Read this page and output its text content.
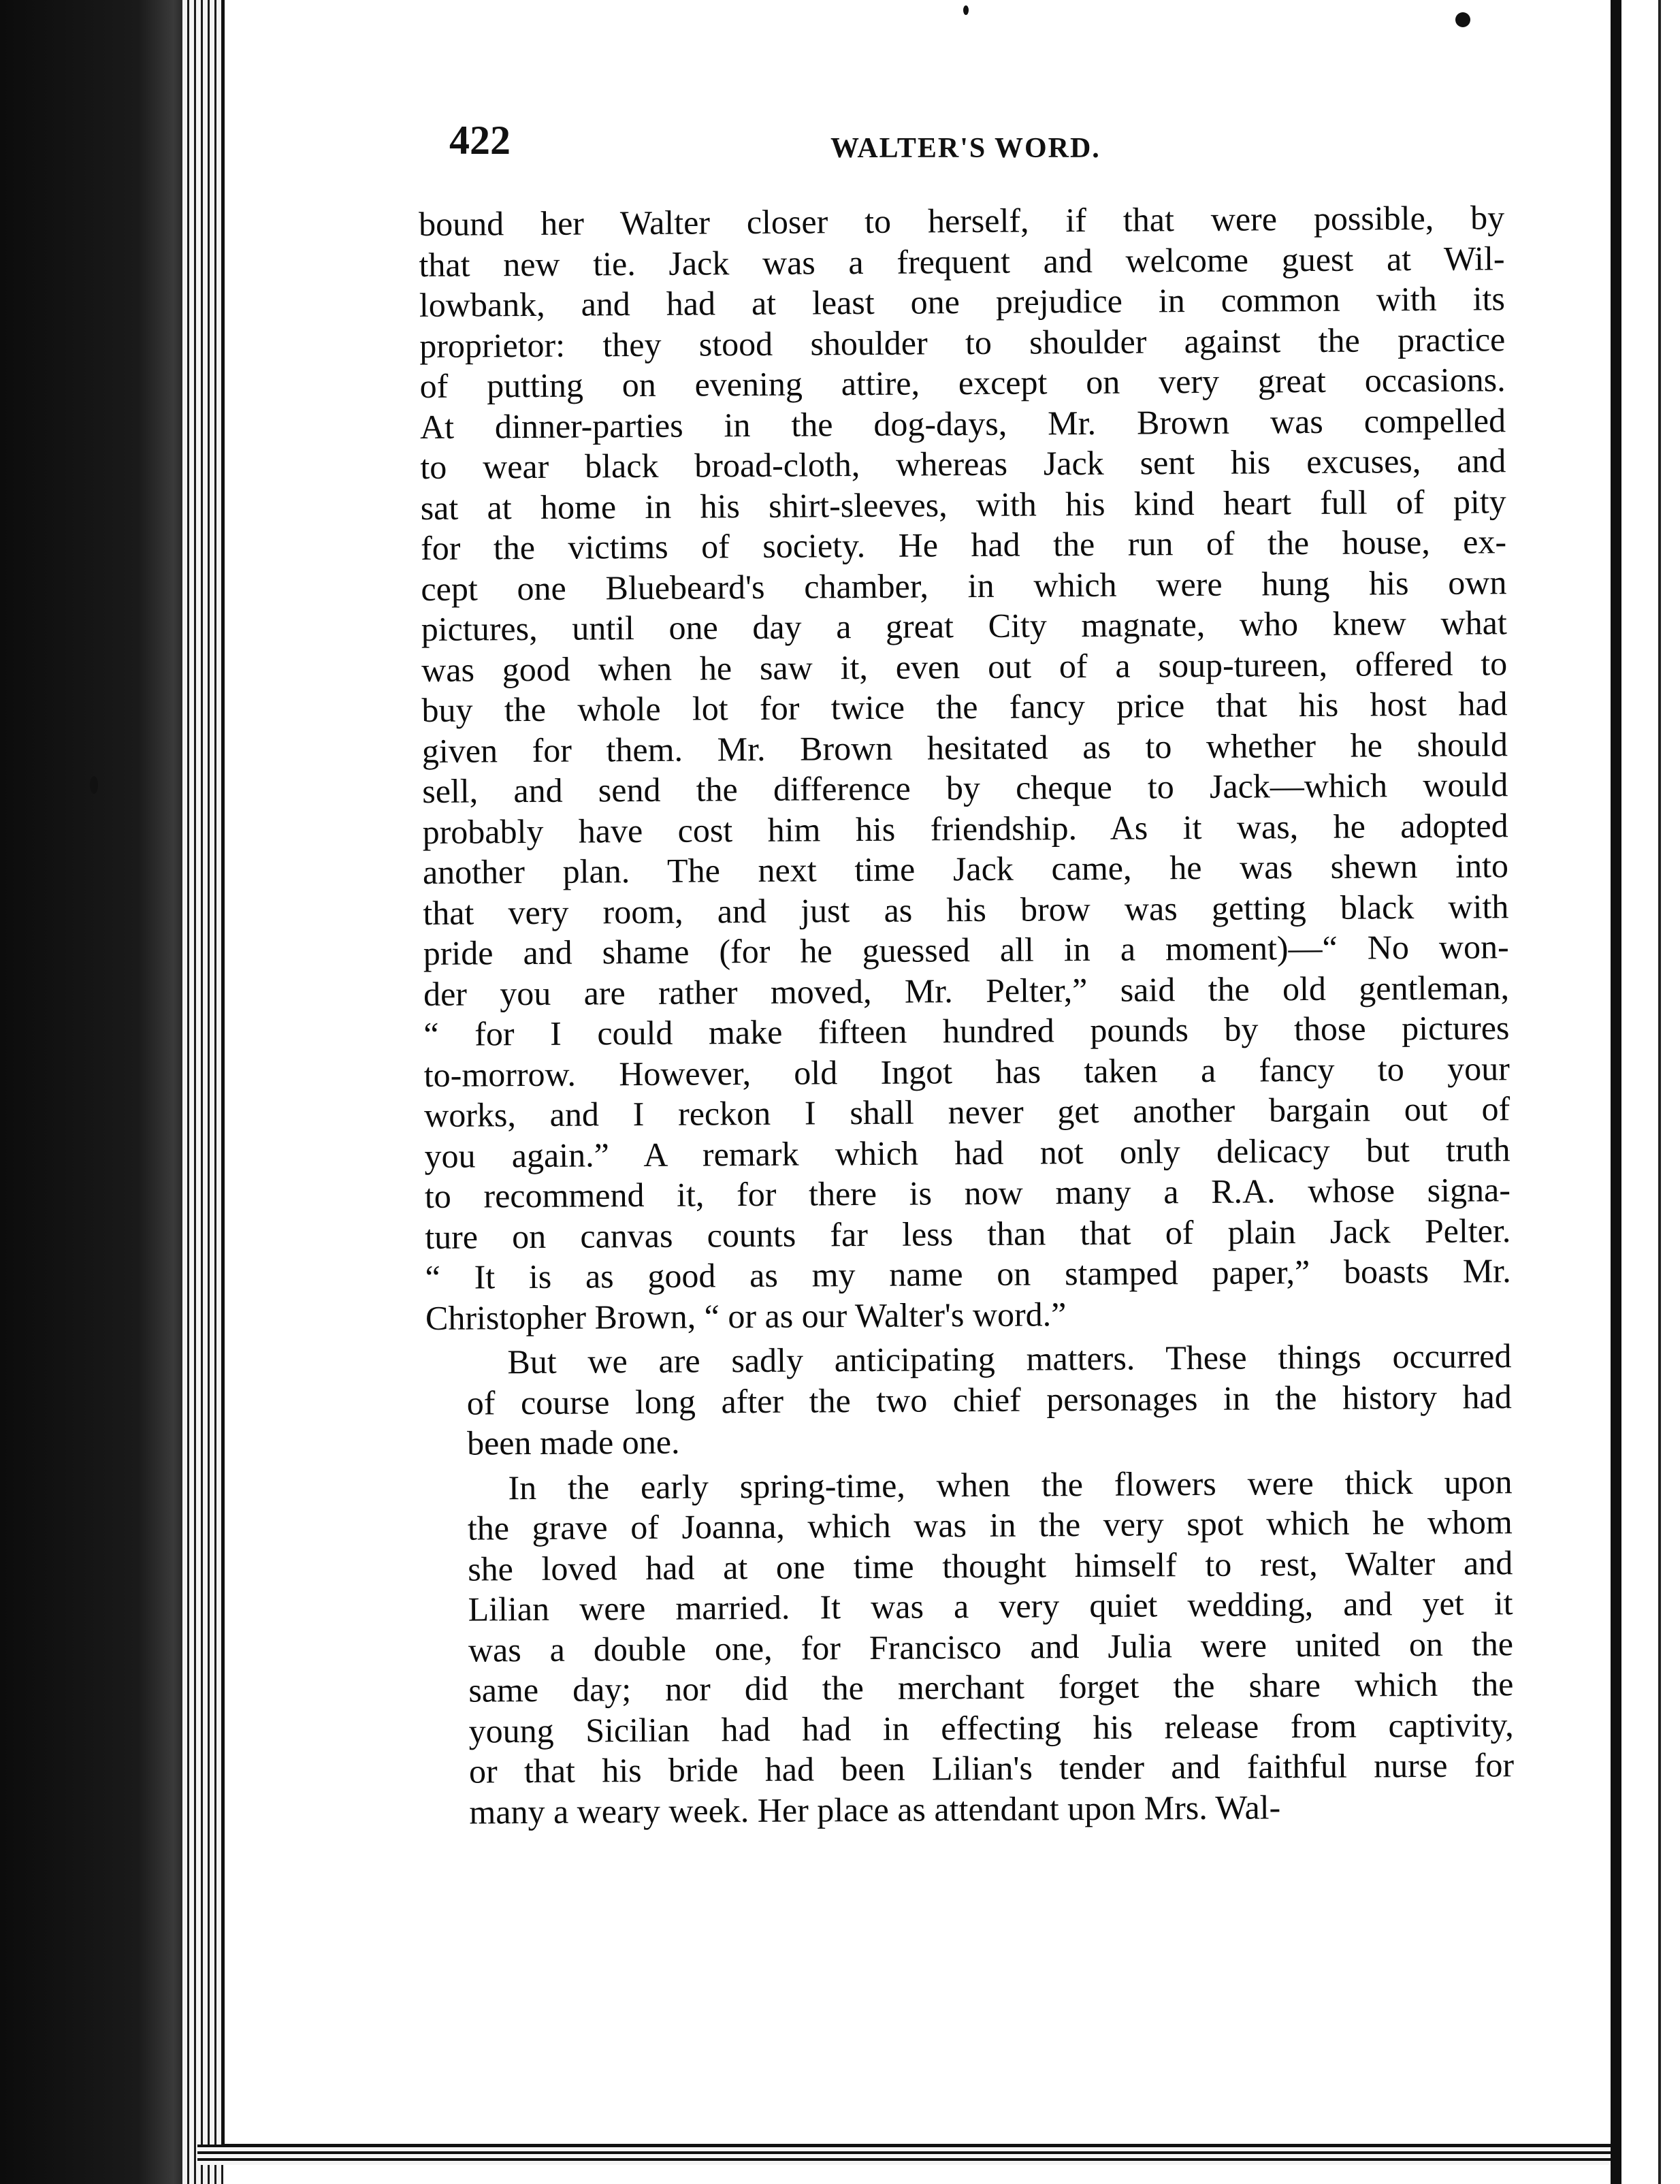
422	WALTER'S WORD.
bound her Walter closer to herself, if that were possible, by
that new tie. Jack was a frequent and welcome guest at Wil-
lowbank, and had at least one prejudice in common with its
proprietor: they stood shoulder to shoulder against the practice
of putting on evening attire, except on very great occasions.
At dinner-parties in the dog-days, Mr. Brown was compelled
to wear black broad-cloth, whereas Jack sent his excuses, and
sat at home in his shirt-sleeves, with his kind heart full of pity
for the victims of society. He had the run of the house, ex-
cept one Bluebeard's chamber, in which were hung his own
pictures, until one day a great City magnate, who knew what
was good when he saw it, even out of a soup-tureen, offered to
buy the whole lot for twice the fancy price that his host had
given for them. Mr. Brown hesitated as to whether he should
sell, and send the difference by cheque to Jack—which would
probably have cost him his friendship. As it was, he adopted
another plan. The next time Jack came, he was shewn into
that very room, and just as his brow was getting black with
pride and shame (for he guessed all in a moment)—“ No won-
der you are rather moved, Mr. Pelter,” said the old gentleman,
“ for I could make fifteen hundred pounds by those pictures
to-morrow. However, old Ingot has taken a fancy to your
works, and I reckon I shall never get another bargain out of
you again.” A remark which had not only delicacy but truth
to recommend it, for there is now many a R.A. whose signa-
ture on canvas counts far less than that of plain Jack Pelter.
“ It is as good as my name on stamped paper,” boasts Mr.
Christopher Brown, “ or as our Walter's word.”
But we are sadly anticipating matters. These things occurred
of course long after the two chief personages in the history had
been made one.
In the early spring-time, when the flowers were thick upon
the grave of Joanna, which was in the very spot which he whom
she loved had at one time thought himself to rest, Walter and
Lilian were married. It was a very quiet wedding, and yet it
was a double one, for Francisco and Julia were united on the
same day; nor did the merchant forget the share which the
young Sicilian had had in effecting his release from captivity,
or that his bride had been Lilian's tender and faithful nurse for
many a weary week. Her place as attendant upon Mrs. Wal-
